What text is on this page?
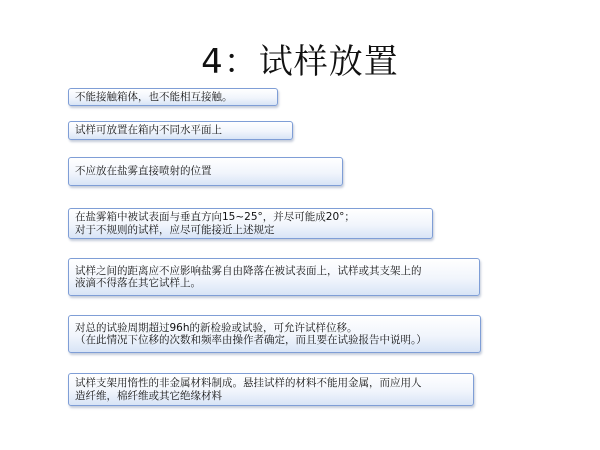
4：试样放置
不能接触箱体，也不能相互接触。
试样可放置在箱内不同水平面上
不应放在盐雾直接喷射的位置
在盐雾箱中被试表面与垂直方向15~25°，并尽可能成20°；
对于不规则的试样，应尽可能接近上述规定
试样之间的距离应不应影响盐雾自由降落在被试表面上，试样或其支架上的
液滴不得落在其它试样上。
对总的试验周期超过96h的新检验或试验，可允许试样位移。
（在此情况下位移的次数和频率由操作者确定，而且要在试验报告中说明。）
试样支架用惰性的非金属材料制成。悬挂试样的材料不能用金属，而应用人
造纤维，棉纤维或其它绝缘材料
